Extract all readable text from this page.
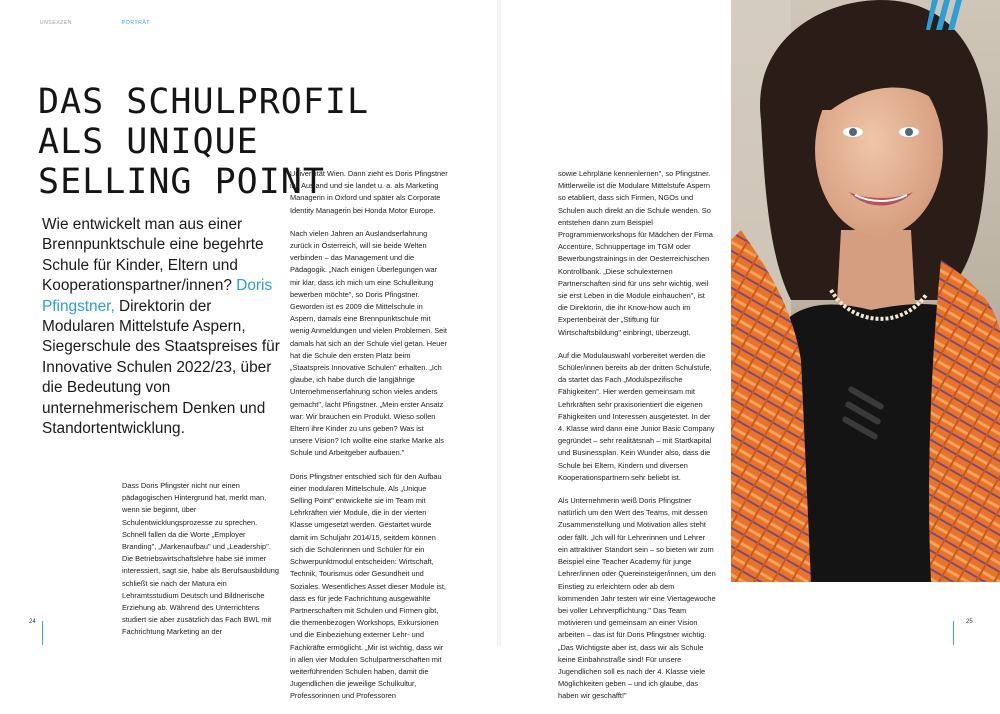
UNSEXZEN	PORTRÄT
DAS SCHULPROFIL
ALS UNIQUE
SELLING POINT

Wie entwickelt man aus einer Brennpunktschule eine begehrte Schule für Kinder, Eltern und Kooperationspartner/innen? Doris Pfingstner, Direktorin der Modularen Mittelstufe Aspern, Siegerschule des Staatspreises für Innovative Schulen 2022/23, über die Bedeutung von unternehmerischem Denken und Standortentwicklung.

Dass Doris Pfingster nicht nur einen pädagogischen Hintergrund hat, merkt man, wenn sie beginnt, über Schulentwicklungsprozesse zu sprechen. Schnell fallen da die Worte „Employer Branding", „Markenaufbau" und „Leadership". Die Betriebswirtschaftslehre habe sie immer interessiert, sagt sie, habe als Berufsausbildung schließt sie nach der Matura ein Lehramtsstudium Deutsch und Bildnerische Erziehung ab. Während des Unterrichtens studiert sie aber zusätzlich das Fach BWL mit Fachrichtung Marketing an der

Universität Wien. Dann zieht es Doris Pfingstner ins Ausland und sie landet u. a. als Marketing Managerin in Oxford und später als Corporate Identity Managerin bei Honda Motor Europe.

Nach vielen Jahren an Auslandserfahrung zurück in Österreich, will sie beide Welten verbinden – das Management und die Pädagogik. „Nach einigen Überlegungen war mir klar, dass ich mich um eine Schulleitung bewerben möchte", so Doris Pfingstner. Geworden ist es 2009 die Mittelschule in Aspern, damals eine Brennpunktschule mit wenig Anmeldungen und vielen Problemen. Seit damals hat sich an der Schule viel getan. Heuer hat die Schule den ersten Platz beim „Staatspreis Innovative Schulen" erhalten. „Ich glaube, ich habe durch die langjährige Unternehmenserfahrung schon vieles anders gemacht", lacht Pfingstner. „Mein erster Ansatz war: Wir brauchen ein Produkt. Wieso sollen Eltern ihre Kinder zu uns geben? Was ist unsere Vision? Ich wollte eine starke Marke als Schule und Arbeitgeber aufbauen."

Doris Pfingstner entschied sich für den Aufbau einer modularen Mittelschule. Als „Unique Selling Point" entwickelte sie im Team mit Lehrkräften vier Module, die in der vierten Klasse umgesetzt werden. Gestartet wurde damit im Schuljahr 2014/15, seitdem können sich die Schülerinnen und Schüler für ein Schwerpunktmodul entscheiden: Wirtschaft, Technik, Tourismus oder Gesundheit und Soziales. Wesentliches Asset dieser Module ist, dass es für jede Fachrichtung ausgewählte Partnerschaften mit Schulen und Firmen gibt, die themenbezogen Workshops, Exkursionen und die Einbeziehung externer Lehr- und Fachkräfte ermöglicht. „Mir ist wichtig, dass wir in allen vier Modulen Schulpartnerschaften mit weiterführenden Schulen haben, damit die Jugendlichen die jeweilige Schulkultur, Professorinnen und Professoren

24

sowie Lehrpläne kennenlernen", so Pfingstner. Mittlerweile ist die Modulare Mittelstufe Aspern so etabliert, dass sich Firmen, NGOs und Schulen auch direkt an die Schule wenden. So entstehen dann zum Beispiel Programmierworkshops für Mädchen der Firma Accenture, Schnuppertage im TGM oder Bewerbungstrainings in der Oesterreichischen Kontrollbank. „Diese schulexternen Partnerschaften sind für uns sehr wichtig, weil sie erst Leben in die Module einhauchen", ist die Direktorin, die ihr Know-how auch im Expertenbeirat der „Stiftung für Wirtschaftsbildung" einbringt, überzeugt.

Auf die Modulauswahl vorbereitet werden die Schüler/innen bereits ab der dritten Schulstufe, da startet das Fach „Modulspezifische Fähigkeiten". Hier werden gemeinsam mit Lehrkräften sehr praxisorientiert die eigenen Fähigkeiten und Interessen ausgetestet. In der 4. Klasse wird dann eine Junior Basic Company gegründet – sehr realitätsnah – mit Startkapital und Businessplan. Kein Wunder also, dass die Schule bei Eltern, Kindern und diversen Kooperationspartnern sehr beliebt ist.

Als Unternehmerin weiß Doris Pfingstner natürlich um den Wert des Teams, mit dessen Zusammenstellung und Motivation alles steht oder fällt. „Ich will für Lehrerinnen und Lehrer ein attraktiver Standort sein – so bieten wir zum Beispiel eine Teacher Academy für junge Lehrer/innen oder Quereinsteiger/innen, um den Einstieg zu erleichtern oder ab dem kommenden Jahr testen wir eine Viertagewoche bei voller Lehrverpflichtung." Das Team motivieren und gemeinsam an einer Vision arbeiten – das ist für Doris Pfingstner wichtig. „Das Wichtigste aber ist, dass wir als Schule keine Einbahnstraße sind! Für unsere Jugendlichen soll es nach der 4. Klasse viele Möglichkeiten geben – und ich glaube, das haben wir geschafft!"

25
